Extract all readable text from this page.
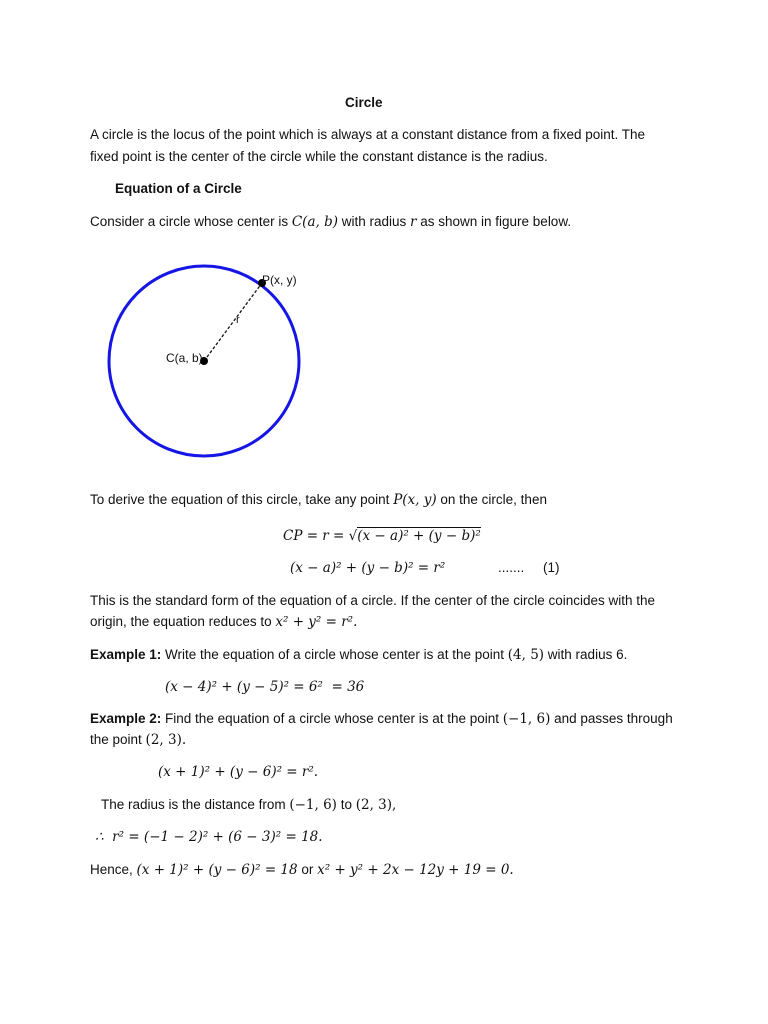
Circle
A circle is the locus of the point which is always at a constant distance from a fixed point. The
fixed point is the center of the circle while the constant distance is the radius.
Equation of a Circle
Consider a circle whose center is C(a, b) with radius r as shown in figure below.
P(x, y)
r
C(a, b)
To derive the equation of this circle, take any point P(x, y) on the circle, then
CP = r = √(x − a)² + (y − b)²
(x − a)² + (y − b)² = r²	....... (1)
This is the standard form of the equation of a circle. If the center of the circle coincides with the
origin, the equation reduces to x² + y² = r².
Example 1: Write the equation of a circle whose center is at the point (4, 5) with radius 6.
(x − 4)² + (y − 5)² = 6²  = 36
Example 2: Find the equation of a circle whose center is at the point (−1, 6) and passes through
the point (2, 3).
(x + 1)² + (y − 6)² = r².
The radius is the distance from (−1, 6) to (2, 3),
∴  r² = (−1 − 2)² + (6 − 3)² = 18.
Hence, (x + 1)² + (y − 6)² = 18 or x² + y² + 2x − 12y + 19 = 0.
